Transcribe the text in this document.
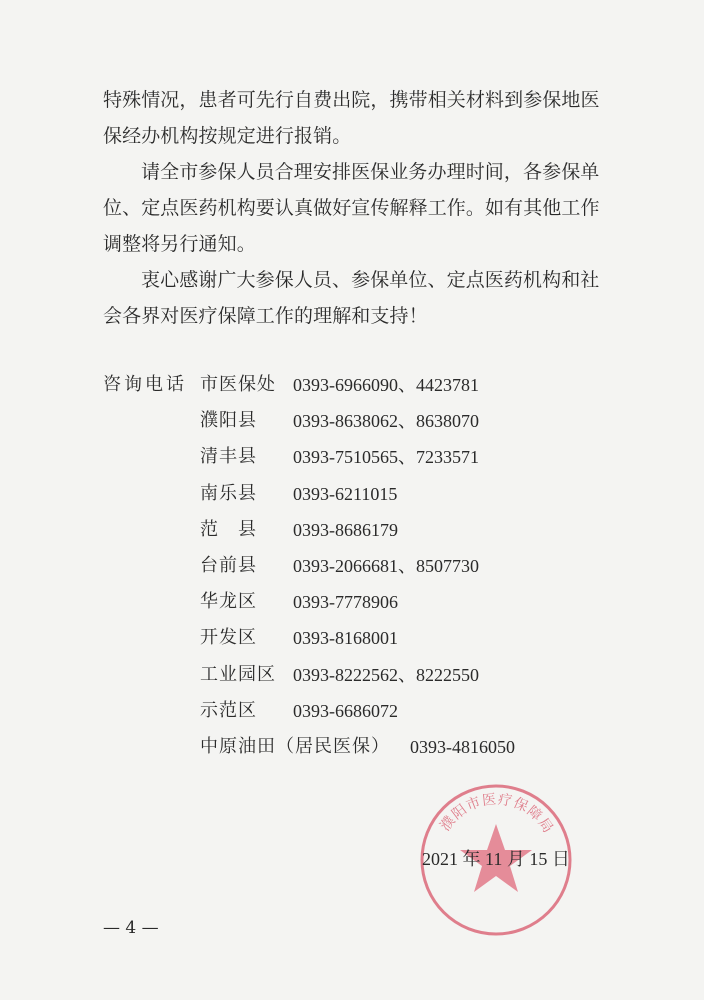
特殊情况，患者可先行自费出院，携带相关材料到参保地医
保经办机构按规定进行报销。
请全市参保人员合理安排医保业务办理时间，各参保单
位、定点医药机构要认真做好宣传解释工作。如有其他工作
调整将另行通知。
衷心感谢广大参保人员、参保单位、定点医药机构和社
会各界对医疗保障工作的理解和支持！
咨询电话 市医保处 0393-6966090、4423781
濮阳县 0393-8638062、8638070
清丰县 0393-7510565、7233571
南乐县 0393-6211015
范　县 0393-8686179
台前县 0393-2066681、8507730
华龙区 0393-7778906
开发区 0393-8168001
工业园区 0393-8222562、8222550
示范区 0393-6686072
中原油田（居民医保） 0393-4816050
濮阳市医疗保障局
2021 年 11 月 15 日
— 4 —
